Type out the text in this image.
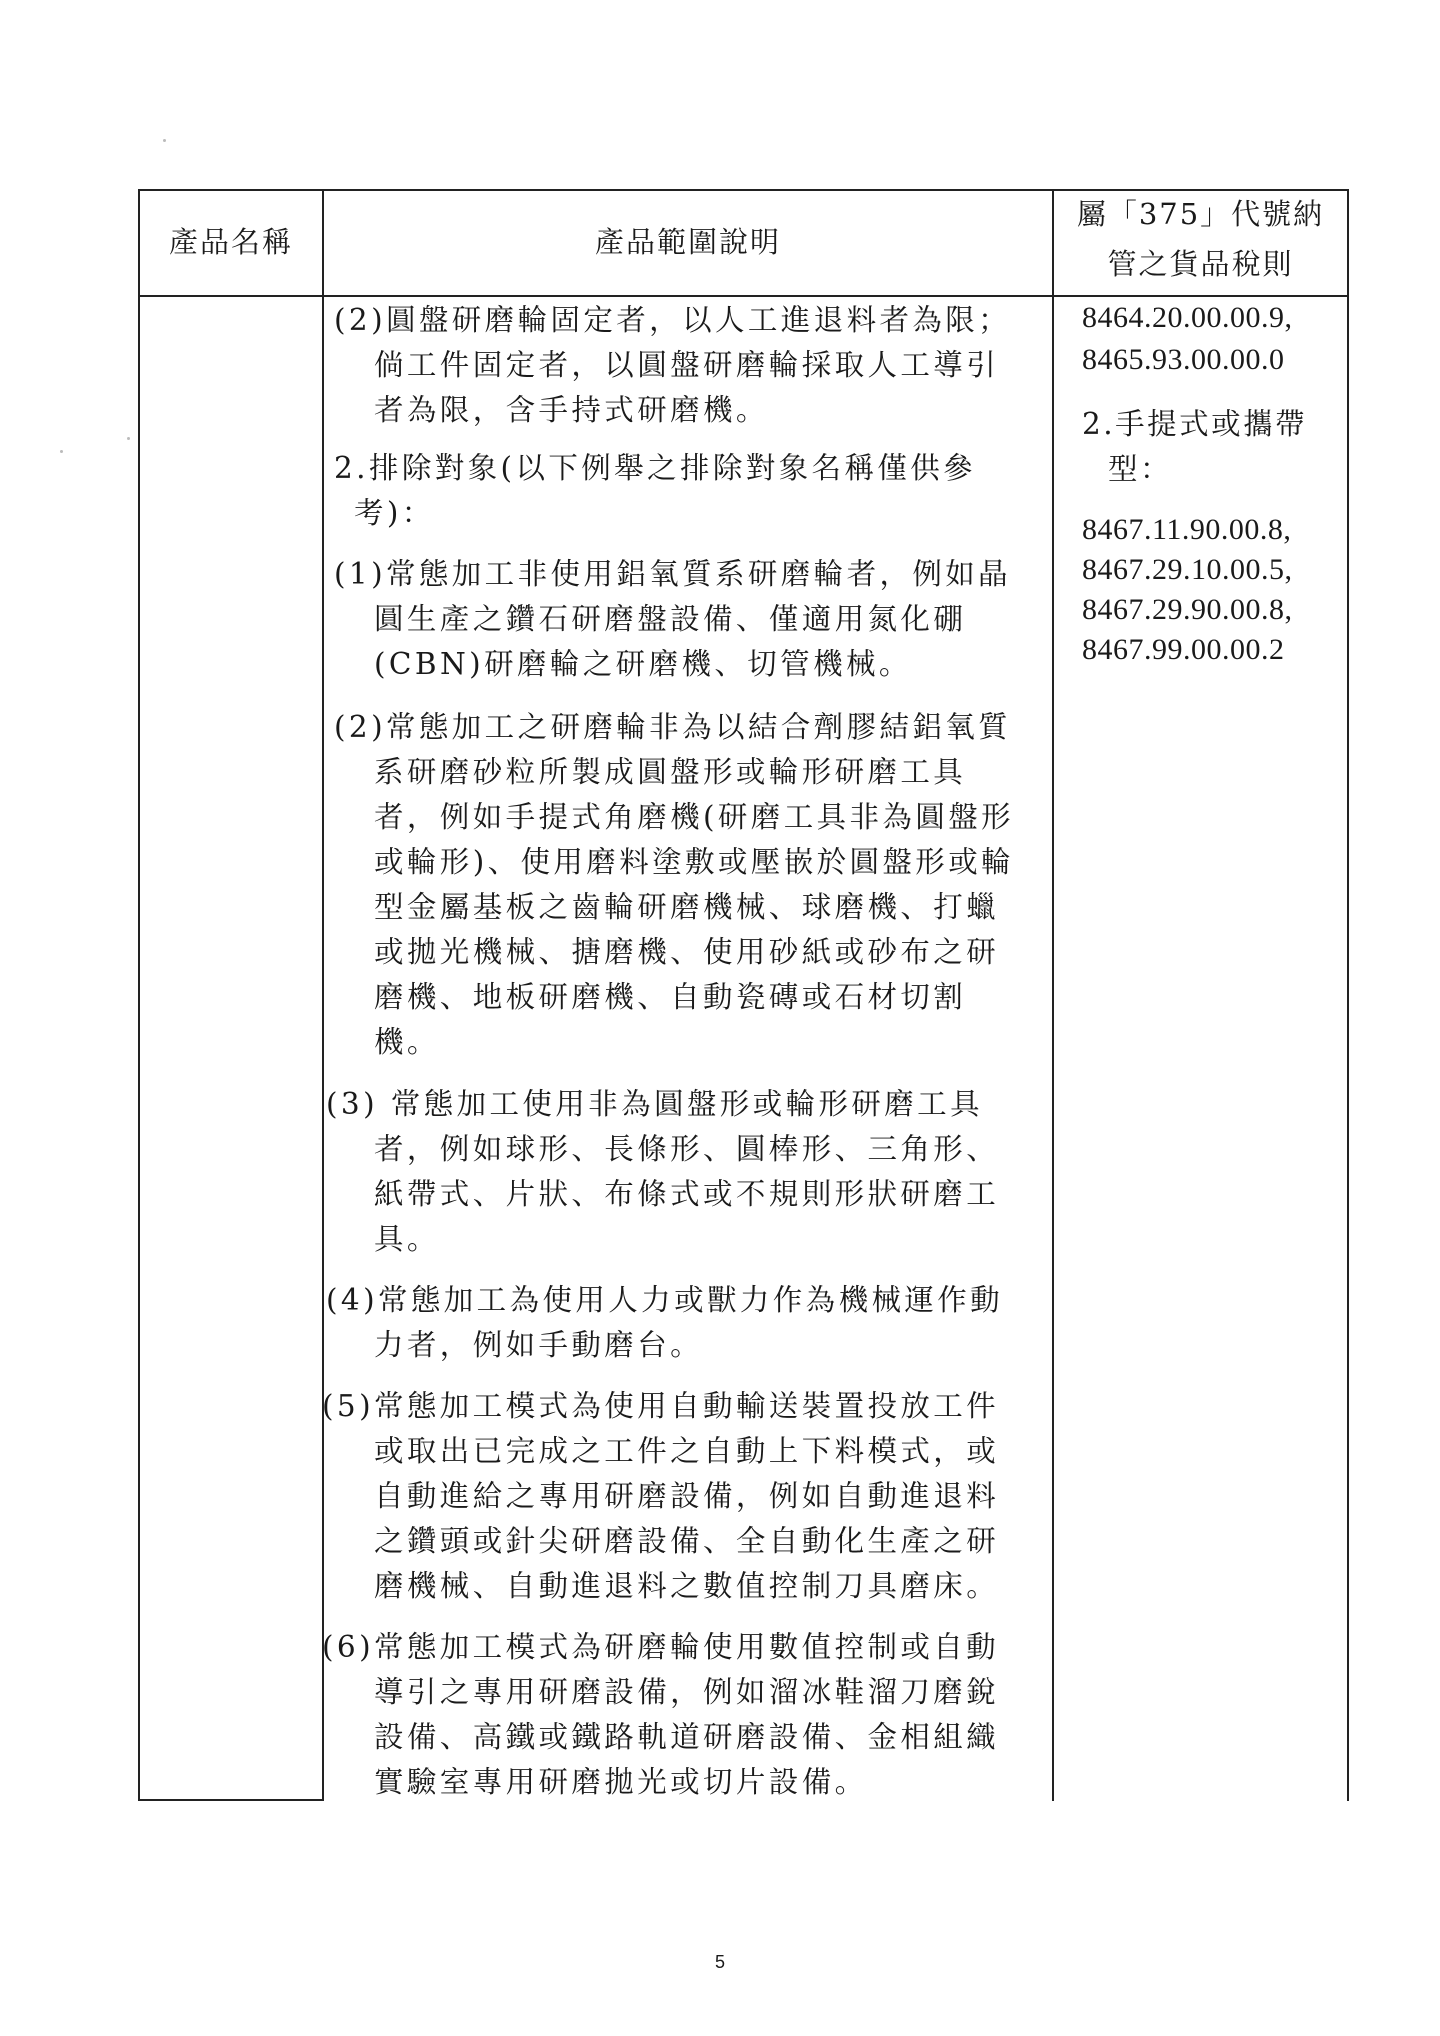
產品名稱	產品範圍說明
屬「375」代號納
管之貨品稅則
(2)圓盤研磨輪固定者，以人工進退料者為限；
倘工件固定者，以圓盤研磨輪採取人工導引
者為限，含手持式研磨機。
2.排除對象(以下例舉之排除對象名稱僅供參
考)：
(1)常態加工非使用鋁氧質系研磨輪者，例如晶
圓生產之鑽石研磨盤設備、僅適用氮化硼
(CBN)研磨輪之研磨機、切管機械。
(2)常態加工之研磨輪非為以結合劑膠結鋁氧質
系研磨砂粒所製成圓盤形或輪形研磨工具
者，例如手提式角磨機(研磨工具非為圓盤形
或輪形)、使用磨料塗敷或壓嵌於圓盤形或輪
型金屬基板之齒輪研磨機械、球磨機、打蠟
或拋光機械、搪磨機、使用砂紙或砂布之研
磨機、地板研磨機、自動瓷磚或石材切割
機。
(3) 常態加工使用非為圓盤形或輪形研磨工具
者，例如球形、長條形、圓棒形、三角形、
紙帶式、片狀、布條式或不規則形狀研磨工
具。
(4)常態加工為使用人力或獸力作為機械運作動
力者，例如手動磨台。
(5)常態加工模式為使用自動輸送裝置投放工件
或取出已完成之工件之自動上下料模式，或
自動進給之專用研磨設備，例如自動進退料
之鑽頭或針尖研磨設備、全自動化生產之研
磨機械、自動進退料之數值控制刀具磨床。
(6)常態加工模式為研磨輪使用數值控制或自動
導引之專用研磨設備，例如溜冰鞋溜刀磨銳
設備、高鐵或鐵路軌道研磨設備、金相組織
實驗室專用研磨拋光或切片設備。
8464.20.00.00.9,
8465.93.00.00.0
2.手提式或攜帶
型：
8467.11.90.00.8,
8467.29.10.00.5,
8467.29.90.00.8,
8467.99.00.00.2
5
